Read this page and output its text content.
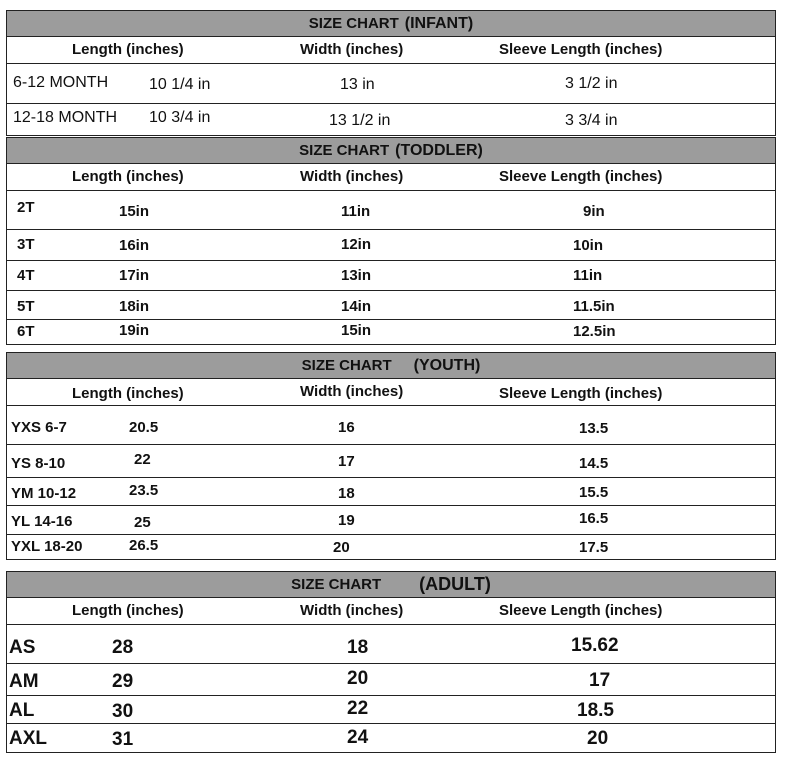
SIZE CHART (INFANT)
Length (inches)	Width (inches)	Sleeve Length (inches)
6-12 MONTH	10 1/4 in	13 in	3 1/2 in
12-18 MONTH 10 3/4 in	13 1/2 in	3 3/4 in
SIZE CHART (TODDLER)
Length (inches)	Width (inches)	Sleeve Length (inches)
2T	15in	11in	9in
3T	16in	12in	10in
4T	17in	13in	11in
5T	18in	14in	11.5in
6T	19in	15in	12.5in
SIZE CHART (YOUTH)
Length (inches)	Width (inches)	Sleeve Length (inches)
YXS 6-7	20.5	16	13.5
YS 8-10	22	17	14.5
YM 10-12	23.5	18	15.5
YL 14-16	25	19	16.5
YXL 18-20	26.5	20	17.5
SIZE CHART (ADULT)
Length (inches)	Width (inches)	Sleeve Length (inches)
AS	28	18	15.62
AM	29	20	17
AL	30	22	18.5
AXL	31	24	20
